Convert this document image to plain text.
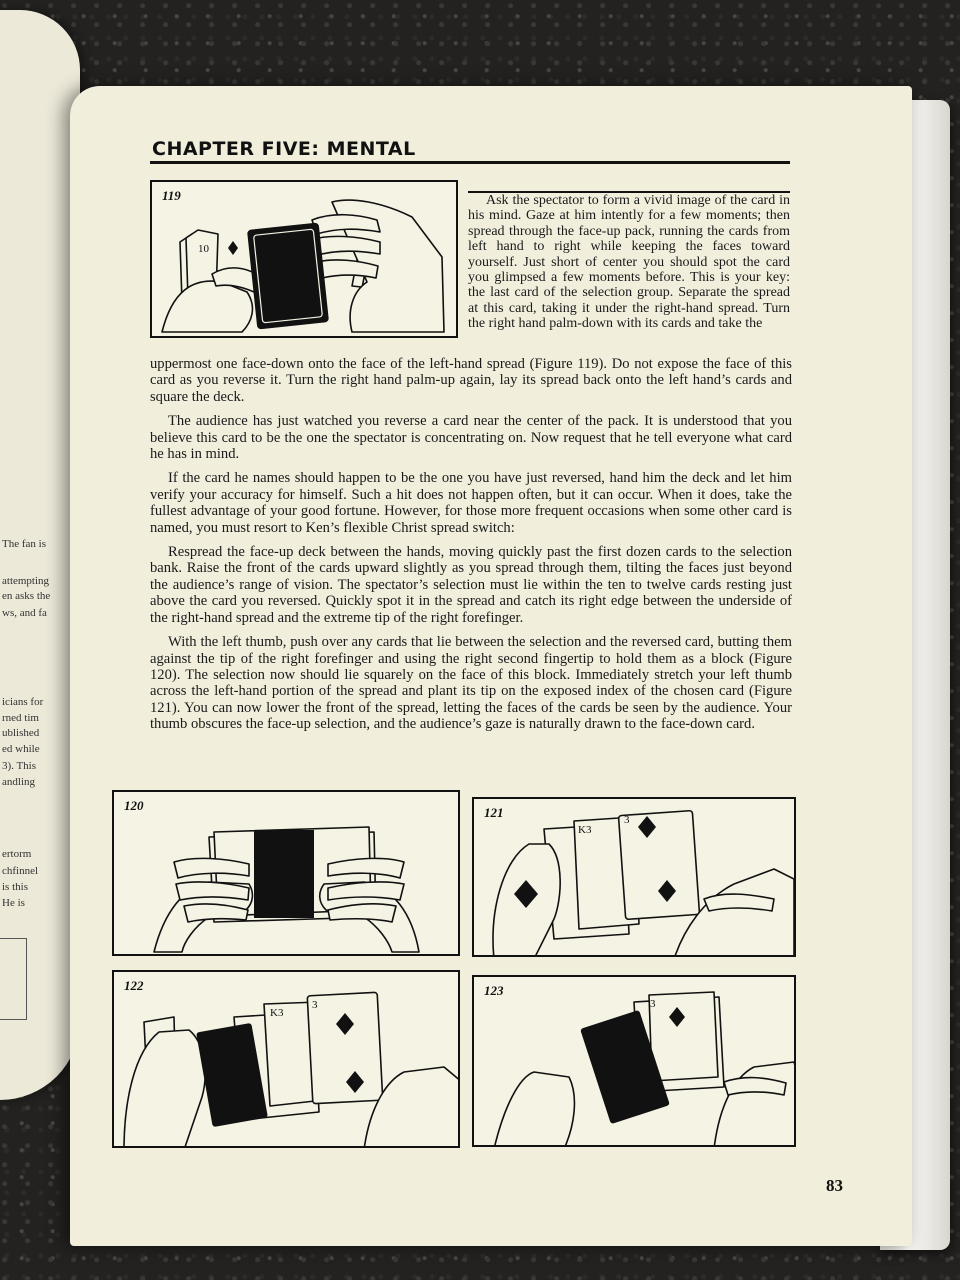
The fan is
attempting
en asks the
ws, and fa
icians for
rned tim
ublished
ed while
3). This
andling
ertorm
chfinnel
is this
He is
CHAPTER FIVE: MENTAL
119
10

Ask the spectator to form a vivid image of the card in his mind. Gaze at him intently for a few moments; then spread through the face-up pack, running the cards from left hand to right while keeping the faces toward yourself. Just short of center you should spot the card you glimpsed a few moments before. This is your key: the last card of the selection group. Separate the spread at this card, taking it under the right-hand spread. Turn the right hand palm-down with its cards and take the

uppermost one face-down onto the face of the left-hand spread (Figure 119). Do not expose the face of this card as you reverse it. Turn the right hand palm-up again, lay its spread back onto the left hand’s cards and square the deck.

The audience has just watched you reverse a card near the center of the pack. It is understood that you believe this card to be the one the spectator is concentrating on. Now request that he tell everyone what card he has in mind.

If the card he names should happen to be the one you have just reversed, hand him the deck and let him verify your accuracy for himself. Such a hit does not happen often, but it can occur. When it does, take the fullest advantage of your good fortune. However, for those more frequent occasions when some other card is named, you must resort to Ken’s flexible Christ spread switch:

Respread the face-up deck between the hands, moving quickly past the first dozen cards to the selection bank. Raise the front of the cards upward slightly as you spread through them, tilting the faces just beyond the audience’s range of vision. The spectator’s selection must lie within the ten to twelve cards resting just above the card you reversed. Quickly spot it in the spread and catch its right edge between the underside of the right-hand spread and the extreme tip of the right forefinger.

With the left thumb, push over any cards that lie between the selection and the reversed card, butting them against the tip of the right forefinger and using the right second fingertip to hold them as a block (Figure 120). The selection now should lie squarely on the face of this block. Immediately stretch your left thumb across the left-hand portion of the spread and plant its tip on the exposed index of the chosen card (Figure 121). You can now lower the front of the spread, letting the faces of the cards be seen by the audience. Your thumb obscures the face-up selection, and the audience’s gaze is naturally drawn to the face-down card.

120	121	3
K3
122
3
K3
123
3
83
